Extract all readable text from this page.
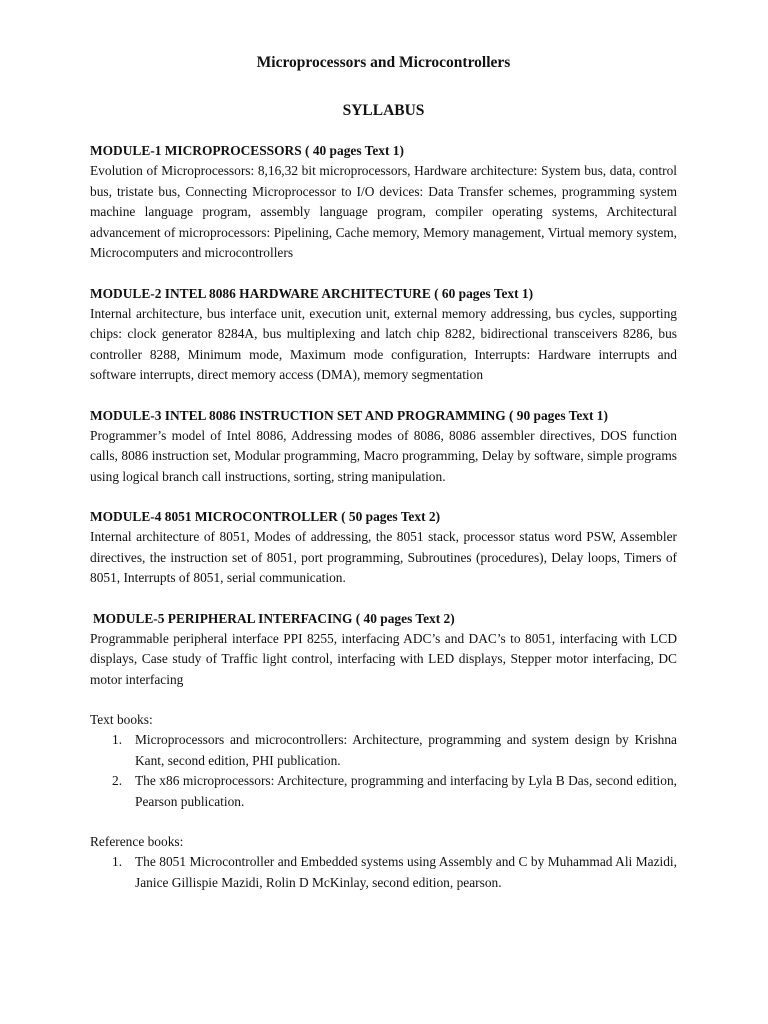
Microprocessors and Microcontrollers
SYLLABUS

MODULE-1 MICROPROCESSORS ( 40 pages Text 1)

Evolution of Microprocessors: 8,16,32 bit microprocessors, Hardware architecture: System bus, data, control bus, tristate bus, Connecting Microprocessor to I/O devices: Data Transfer schemes, programming system machine language program, assembly language program, compiler operating systems, Architectural advancement of microprocessors: Pipelining, Cache memory, Memory management, Virtual memory system, Microcomputers and microcontrollers

MODULE-2 INTEL 8086 HARDWARE ARCHITECTURE ( 60 pages Text 1)

Internal architecture, bus interface unit, execution unit, external memory addressing, bus cycles, supporting chips: clock generator 8284A, bus multiplexing and latch chip 8282, bidirectional transceivers 8286, bus controller 8288, Minimum mode, Maximum mode configuration, Interrupts: Hardware interrupts and software interrupts, direct memory access (DMA), memory segmentation

MODULE-3 INTEL 8086 INSTRUCTION SET AND PROGRAMMING ( 90 pages Text 1)

Programmer’s model of Intel 8086, Addressing modes of 8086, 8086 assembler directives, DOS function calls, 8086 instruction set, Modular programming, Macro programming, Delay by software, simple programs using logical branch call instructions, sorting, string manipulation.

MODULE-4 8051 MICROCONTROLLER ( 50 pages Text 2)

Internal architecture of 8051, Modes of addressing, the 8051 stack, processor status word PSW, Assembler directives, the instruction set of 8051, port programming, Subroutines (procedures), Delay loops, Timers of 8051, Interrupts of 8051, serial communication.

MODULE-5 PERIPHERAL INTERFACING ( 40 pages Text 2)

Programmable peripheral interface PPI 8255, interfacing ADC’s and DAC’s to 8051, interfacing with LCD displays, Case study of Traffic light control, interfacing with LED displays, Stepper motor interfacing, DC motor interfacing

Text books:

1. Microprocessors and microcontrollers: Architecture, programming and system design by Krishna Kant, second edition, PHI publication.
2. The x86 microprocessors: Architecture, programming and interfacing by Lyla B Das, second edition, Pearson publication.

Reference books:

1. The 8051 Microcontroller and Embedded systems using Assembly and C by Muhammad Ali Mazidi, Janice Gillispie Mazidi, Rolin D McKinlay, second edition, pearson.
